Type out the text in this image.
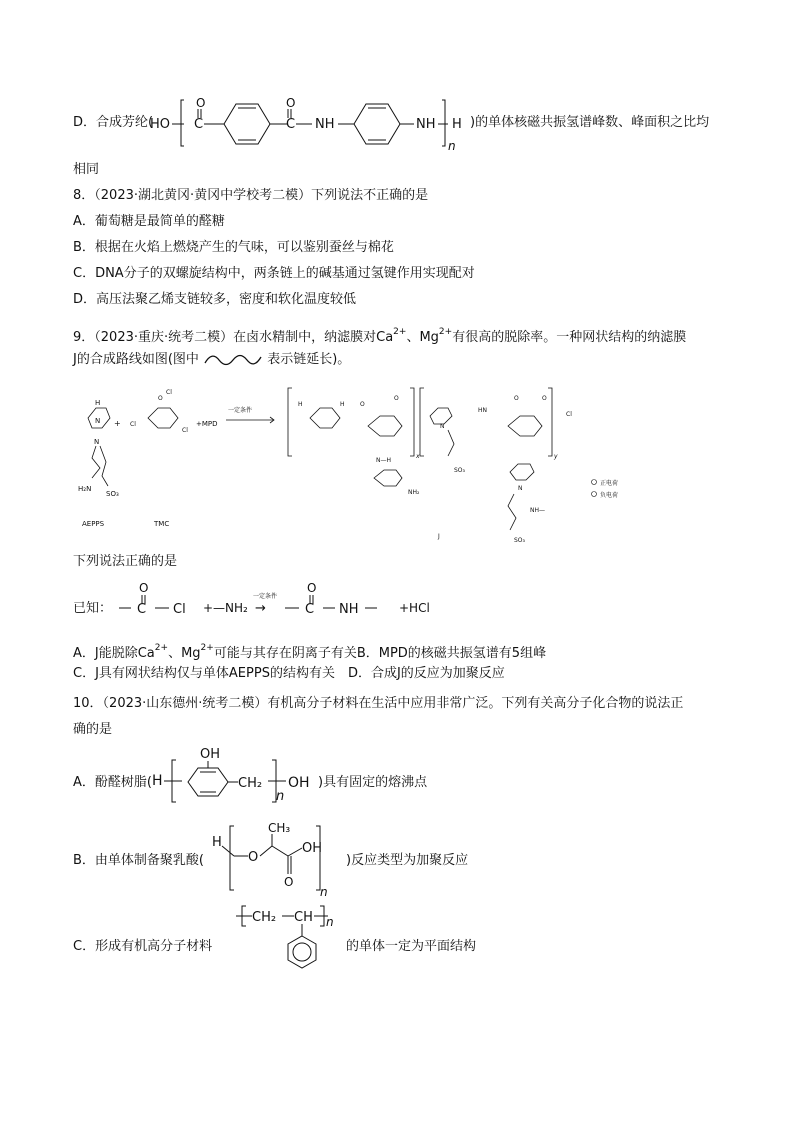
D．合成芳纶(
HO
O
C
O
C NH	NH
n
H )的单体核磁共振氢谱峰数、峰面积之比均
相同
8．（2023·湖北黄冈·黄冈中学校考二模）下列说法不正确的是
A．葡萄糖是最简单的醛糖
B．根据在火焰上燃烧产生的气味，可以鉴别蚕丝与棉花
C．DNA分子的双螺旋结构中，两条链上的碱基通过氢键作用实现配对
D．高压法聚乙烯支链较多，密度和软化温度较低
9．（2023·重庆·统考二模）在卤水精制中，纳滤膜对$Ca^{2+}$、$Mg^{2+}$有很高的脱除率。一种网状结构的纳滤膜
J的合成路线如图(图中	表示链延长)。
H
N
N
H₂N
SO₃
AEPPS
+
O
Cl
Cl
Cl
TMC
+MPD
一定条件
H	H	O
O
N—H
NH₂
x
N
SO₃
HN
O	O
y
Cl
N
NH—
SO₃
J
正电荷
负电荷
下列说法正确的是
已知：
O
C Cl +—NH₂
一定条件
→
O
C NH	+HCl
A．J能脱除$Ca^{2+}$、$Mg^{2+}$可能与其存在阴离子有关B．MPD的核磁共振氢谱有5组峰
C．J具有网状结构仅与单体AEPPS的结构有关　D．合成J的反应为加聚反应
10．（2023·山东德州·统考二模）有机高分子材料在生活中应用非常广泛。下列有关高分子化合物的说法正
确的是
A．酚醛树脂( H
OH
CH₂
n
OH )具有固定的熔沸点
B．由单体制备聚乳酸(
H
O
CH₃
O
OH
n
)反应类型为加聚反应
C．形成有机高分子材料
CH₂ CH n
的单体一定为平面结构
